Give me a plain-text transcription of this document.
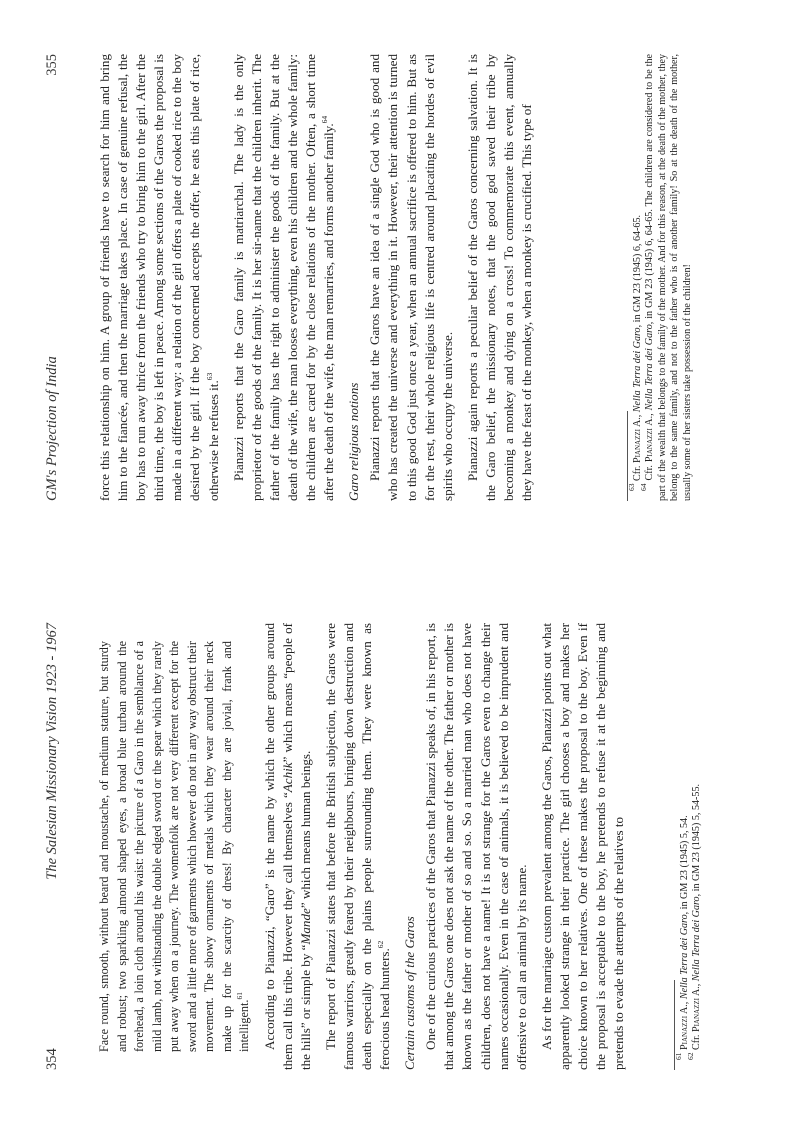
354
The Salesian Missionary Vision 1923 - 1967	Face round, smooth, without beard and moustache, of medium stature, but sturdy and robust; two sparkling almond shaped eyes, a broad blue turban around the forehead, a loin cloth around his waist: the picture of a Garo in the semblance of a mild lamb, not withstanding the double edged sword or the spear which they rarely put away when on a journey. The womenfolk are not very different except for the sword and a little more of garments which however do not in any way obstruct their movement. The showy ornaments of metals which they wear around their neck make up for the scarcity of dress! By character they are jovial, frank and intelligent.$^{61}$	According to Pianazzi, “Garo” is the name by which the other groups around them call this tribe. However they call themselves “Achik” which means “people of the hills” or simple by “Mande” which means human beings. The report of Pianazzi states that before the British subjection, the Garos were famous warriors, greatly feared by their neighbours, bringing down destruction and death especially on the plains people surrounding them. They were known as ferocious head hunters.$^{62}$	Certain customs of the Garos One of the curious practices of the Garos that Pianazzi speaks of, in his report, is that among the Garos one does not ask the name of the other. The father or mother is known as the father or mother of so and so. So a married man who does not have children, does not have a name! It is not strange for the Garos even to change their names occasionally. Even in the case of animals, it is believed to be imprudent and offensive to call an animal by its name. As for the marriage custom prevalent among the Garos, Pianazzi points out what apparently looked strange in their practice. The girl chooses a boy and makes her choice known to her relatives. One of these makes the proposal to the boy. Even if the proposal is acceptable to the boy, he pretends to refuse it at the beginning and pretends to evade the attempts of the relatives to	$^{61}$ Pianazzi A., Nella Terra dei Garo, in GM 23 (1945) 5, 54.

$^{62}$ Cfr. Pianazzi A., Nella Terra dei Garo, in GM 23 (1945) 5, 54-55.

GM's Projection of India
355	force this relationship on him. A group of friends have to search for him and bring him to the fiancée, and then the marriage takes place. In case of genuine refusal, the boy has to run away thrice from the friends who try to bring him to the girl. After the third time, the boy is left in peace. Among some sections of the Garos the proposal is made in a different way: a relation of the girl offers a plate of cooked rice to the boy desired by the girl. If the boy concerned accepts the offer, he eats this plate of rice, otherwise he refuses it.$^{63}$	Pianazzi reports that the Garo family is matriarchal. The lady is the only proprietor of the goods of the family. It is her sir-name that the children inherit. The father of the family has the right to administer the goods of the family. But at the death of the wife, the man looses everything, even his children and the whole family: the children are cared for by the close relations of the mother. Often, a short time after the death of the wife, the man remarries, and forms another family.$^{64}$

Garo religious notions Pianazzi reports that the Garos have an idea of a single God who is good and who has created the universe and everything in it. However, their attention is turned to this good God just once a year, when an annual sacrifice is offered to him. But as for the rest, their whole religious life is centred around placating the hordes of evil spirits who occupy the universe. Pianazzi again reports a peculiar belief of the Garos concerning salvation. It is the Garo belief, the missionary notes, that the good god saved their tribe by becoming a monkey and dying on a cross! To commemorate this event, annually they have the feast of the monkey, when a monkey is crucified. This type of	$^{63}$ Cfr. Pianazzi A., Nella Terra dei Garo, in GM 23 (1945) 6, 64-65.

$^{64}$ Cfr. Pianazzi A., Nella Terra dei Garo, in GM 23 (1945) 6, 64-65. The children are considered to be the part of the wealth that belongs to the family of the mother. And for this reason, at the death of the mother, they belong to the same family, and not to the father who is of another family! So at the death of the mother, usually some of her sisters take possession of the children!
